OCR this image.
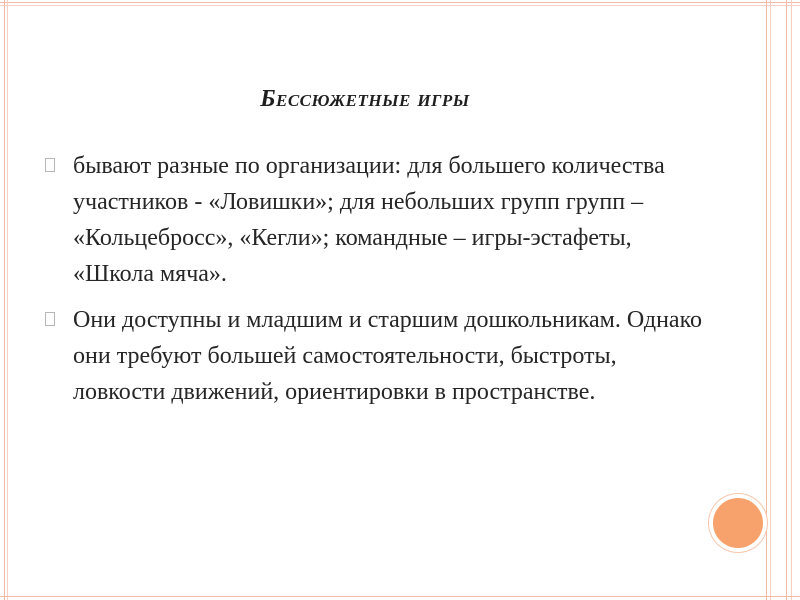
Бессюжетные игры
бывают разные по организации: для большего количества участников - «Ловишки»; для небольших групп групп – «Кольцеброcс», «Кегли»; командные – игры-эстафеты, «Школа мяча».
Они доступны и младшим и старшим дошкольникам. Однако они требуют большей самостоятельности, быстроты, ловкости движений, ориентировки в пространстве.
